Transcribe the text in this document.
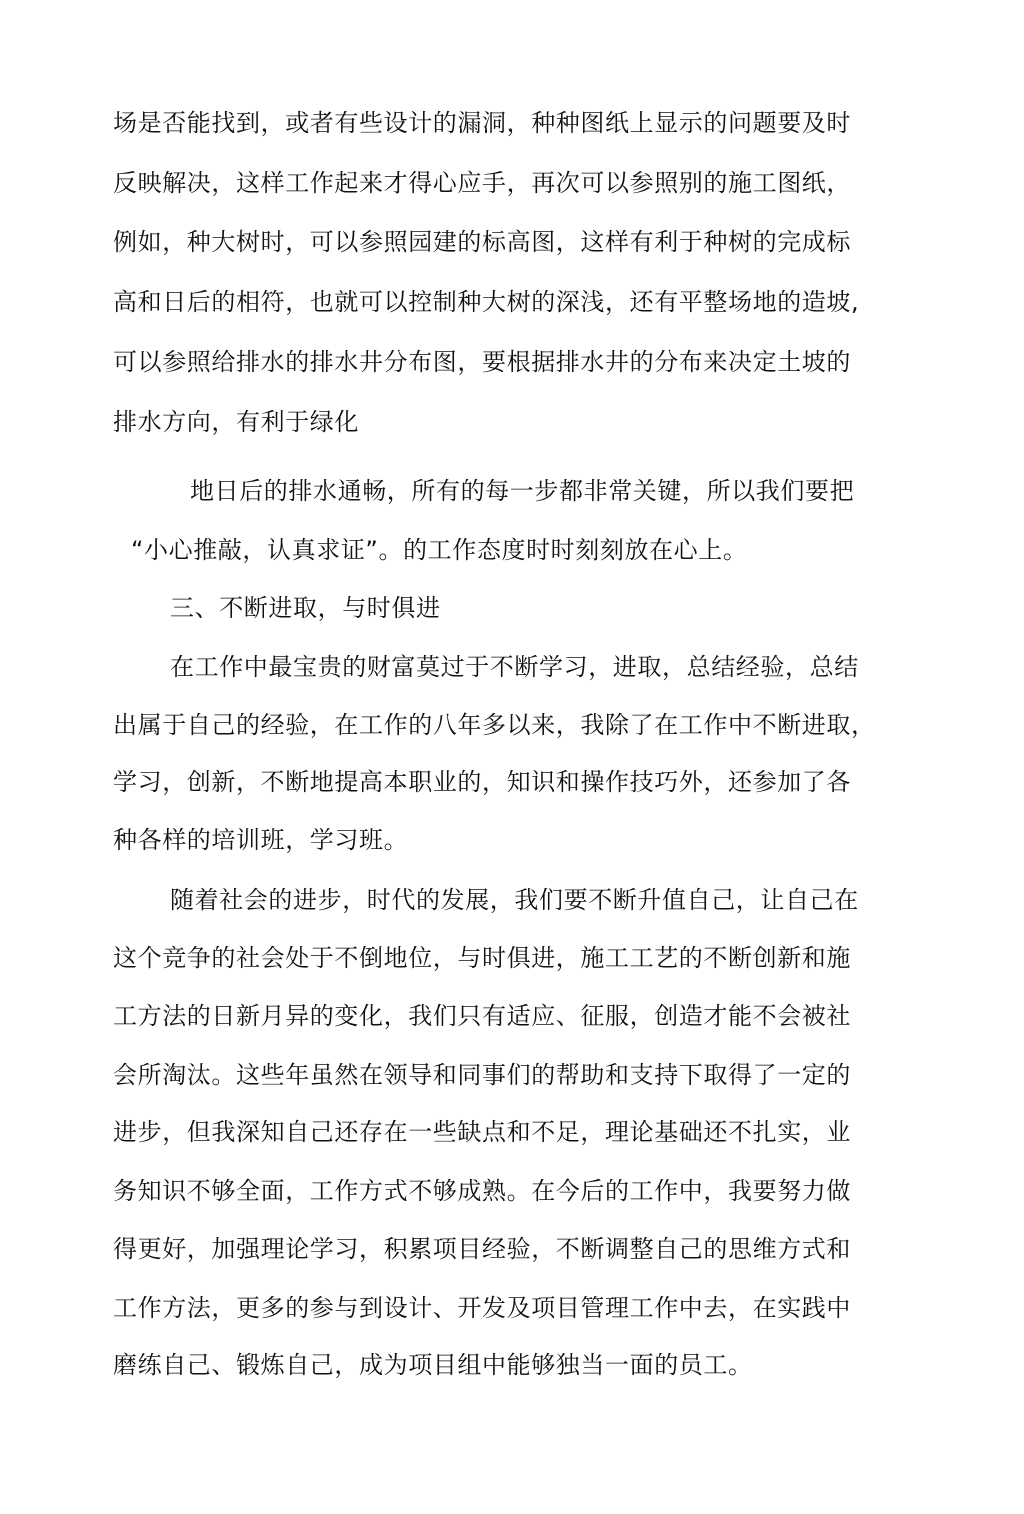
场是否能找到，或者有些设计的漏洞，种种图纸上显示的问题要及时
反映解决，这样工作起来才得心应手，再次可以参照别的施工图纸，
例如，种大树时，可以参照园建的标高图，这样有利于种树的完成标
高和日后的相符，也就可以控制种大树的深浅，还有平整场地的造坡,
可以参照给排水的排水井分布图，要根据排水井的分布来决定土坡的
排水方向，有利于绿化
地日后的排水通畅，所有的每一步都非常关键，所以我们要把
“小心推敲，认真求证”。的工作态度时时刻刻放在心上。
三、不断进取，与时俱进
在工作中最宝贵的财富莫过于不断学习，进取，总结经验，总结
出属于自己的经验，在工作的八年多以来，我除了在工作中不断进取，
学习，创新，不断地提高本职业的，知识和操作技巧外，还参加了各
种各样的培训班，学习班。
随着社会的进步，时代的发展，我们要不断升值自己，让自己在
这个竞争的社会处于不倒地位，与时俱进，施工工艺的不断创新和施
工方法的日新月异的变化，我们只有适应、征服，创造才能不会被社
会所淘汰。这些年虽然在领导和同事们的帮助和支持下取得了一定的
进步，但我深知自己还存在一些缺点和不足，理论基础还不扎实，业
务知识不够全面，工作方式不够成熟。在今后的工作中，我要努力做
得更好，加强理论学习，积累项目经验，不断调整自己的思维方式和
工作方法，更多的参与到设计、开发及项目管理工作中去，在实践中
磨练自己、锻炼自己，成为项目组中能够独当一面的员工。
